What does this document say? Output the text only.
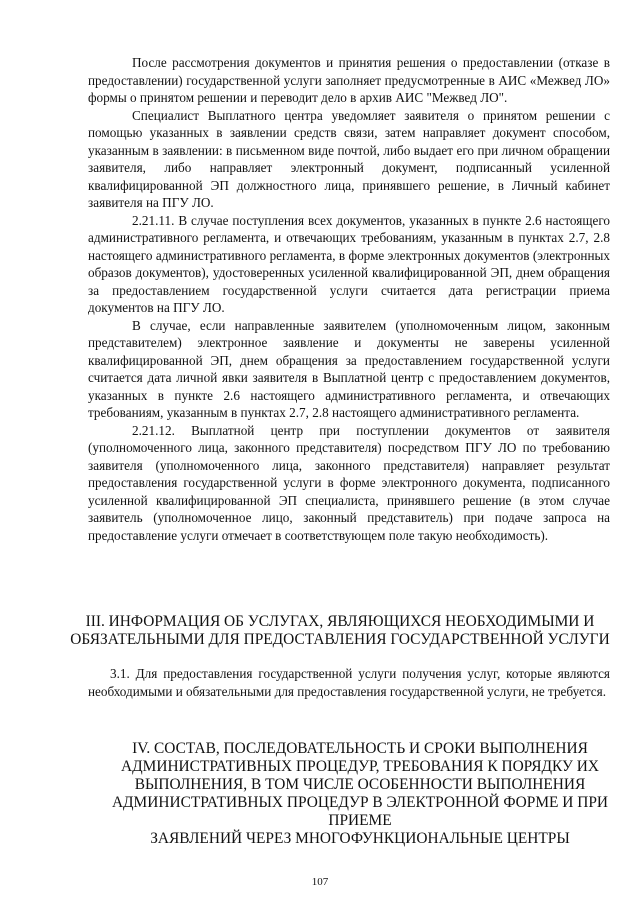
После рассмотрения документов и принятия решения о предоставлении (отказе в предоставлении) государственной услуги заполняет предусмотренные в АИС «Межвед ЛО» формы о принятом решении и переводит дело в архив АИС "Межвед ЛО".

Специалист Выплатного центра уведомляет заявителя о принятом решении с помощью указанных в заявлении средств связи, затем направляет документ способом, указанным в заявлении: в письменном виде почтой, либо выдает его при личном обращении заявителя, либо направляет электронный документ, подписанный усиленной квалифицированной ЭП должностного лица, принявшего решение, в Личный кабинет заявителя на ПГУ ЛО.

2.21.11. В случае поступления всех документов, указанных в пункте 2.6 настоящего административного регламента, и отвечающих требованиям, указанным в пунктах 2.7, 2.8 настоящего административного регламента, в форме электронных документов (электронных образов документов), удостоверенных усиленной квалифицированной ЭП, днем обращения за предоставлением государственной услуги считается дата регистрации приема документов на ПГУ ЛО.

В случае, если направленные заявителем (уполномоченным лицом, законным представителем) электронное заявление и документы не заверены усиленной квалифицированной ЭП, днем обращения за предоставлением государственной услуги считается дата личной явки заявителя в Выплатной центр с предоставлением документов, указанных в пункте 2.6 настоящего административного регламента, и отвечающих требованиям, указанным в пунктах 2.7, 2.8 настоящего административного регламента.

2.21.12. Выплатной центр при поступлении документов от заявителя (уполномоченного лица, законного представителя) посредством ПГУ ЛО по требованию заявителя (уполномоченного лица, законного представителя) направляет результат предоставления государственной услуги в форме электронного документа, подписанного усиленной квалифицированной ЭП специалиста, принявшего решение (в этом случае заявитель (уполномоченное лицо, законный представитель) при подаче запроса на предоставление услуги отмечает в соответствующем поле такую необходимость).

III. ИНФОРМАЦИЯ ОБ УСЛУГАХ, ЯВЛЯЮЩИХСЯ НЕОБХОДИМЫМИ И ОБЯЗАТЕЛЬНЫМИ ДЛЯ ПРЕДОСТАВЛЕНИЯ ГОСУДАРСТВЕННОЙ УСЛУГИ

3.1. Для предоставления государственной услуги получения услуг, которые являются необходимыми и обязательными для предоставления государственной услуги, не требуется.

IV. СОСТАВ, ПОСЛЕДОВАТЕЛЬНОСТЬ И СРОКИ ВЫПОЛНЕНИЯ
АДМИНИСТРАТИВНЫХ ПРОЦЕДУР, ТРЕБОВАНИЯ К ПОРЯДКУ ИХ
ВЫПОЛНЕНИЯ, В ТОМ ЧИСЛЕ ОСОБЕННОСТИ ВЫПОЛНЕНИЯ
АДМИНИСТРАТИВНЫХ ПРОЦЕДУР В ЭЛЕКТРОННОЙ ФОРМЕ И ПРИ
ПРИЕМЕ
ЗАЯВЛЕНИЙ ЧЕРЕЗ МНОГОФУНКЦИОНАЛЬНЫЕ ЦЕНТРЫ
107
